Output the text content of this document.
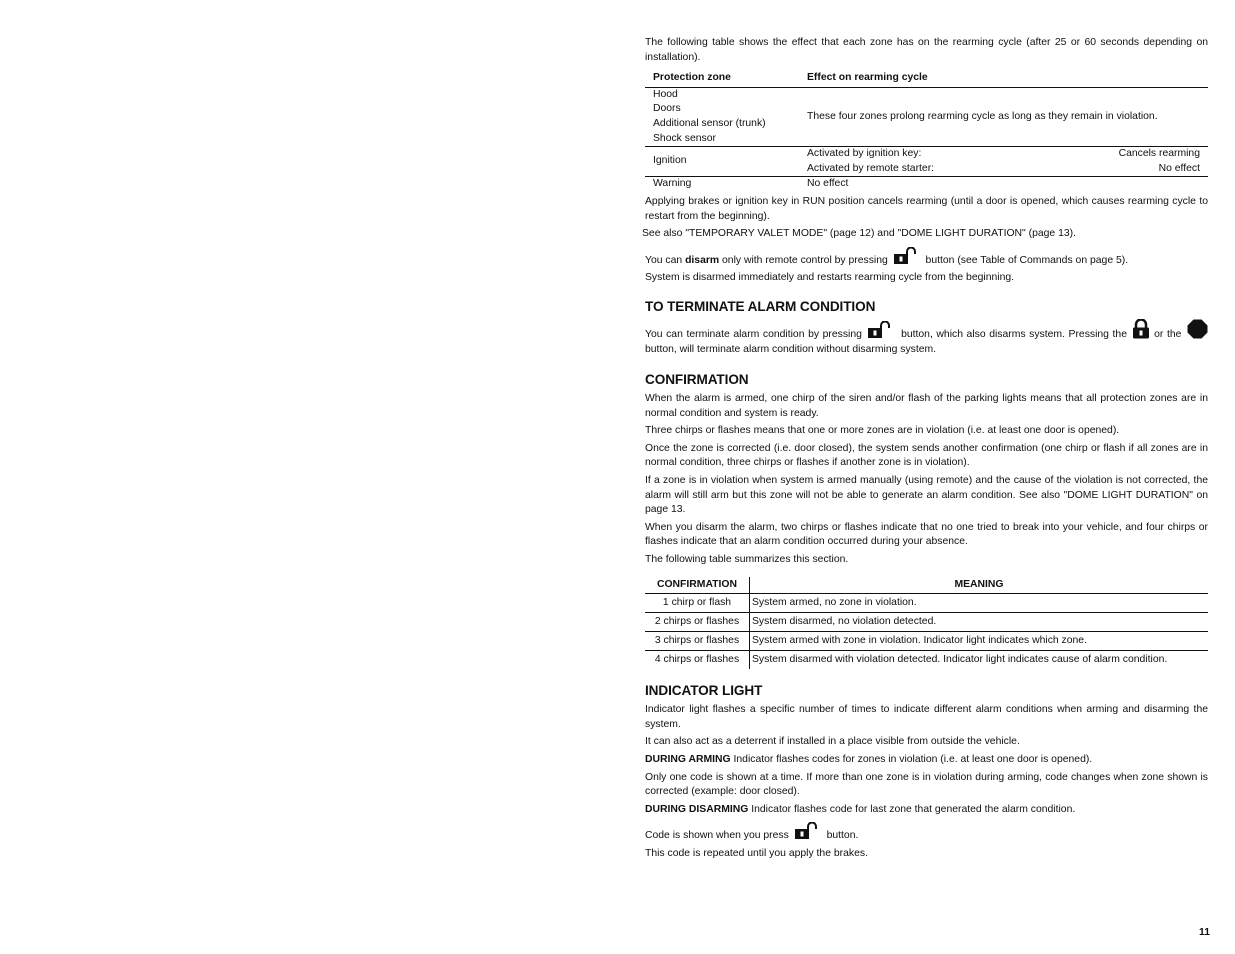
The following table shows the effect that each zone has on the rearming cycle (after 25 or 60 seconds depending on installation).

Protection zone	Effect on rearming cycle

Hood
Doors
Additional sensor (trunk)
Shock sensor	These four zones prolong rearming cycle as long as they remain in violation.
Ignition	Activated by ignition key: Cancels rearming
Activated by remote starter: No effect

Warning	No effect

Applying brakes or ignition key in RUN position cancels rearming (until a door is opened, which causes rearming cycle to restart from the beginning).

See also "TEMPORARY VALET MODE" (page 12) and "DOME LIGHT DURATION" (page 13).

You can disarm only with remote control by pressing	button (see Table of Commands on page 5).

System is disarmed immediately and restarts rearming cycle from the beginning.

TO TERMINATE ALARM CONDITION

You can terminate alarm condition by pressing	button, which also disarms system. Pressing the  or the  button, will terminate alarm condition without disarming system.

CONFIRMATION

When the alarm is armed, one chirp of the siren and/or flash of the parking lights means that all protection zones are in normal condition and system is ready.

Three chirps or flashes means that one or more zones are in violation (i.e. at least one door is opened).

Once the zone is corrected (i.e. door closed), the system sends another confirmation (one chirp or flash if all zones are in normal condition, three chirps or flashes if another zone is in violation).

If a zone is in violation when system is armed manually (using remote) and the cause of the violation is not corrected, the alarm will still arm but this zone will not be able to generate an alarm condition. See also "DOME LIGHT DURATION" on page 13.

When you disarm the alarm, two chirps or flashes indicate that no one tried to break into your vehicle, and four chirps or flashes indicate that an alarm condition occurred during your absence.

The following table summarizes this section.

CONFIRMATION	MEANING
1 chirp or flash	System armed, no zone in violation.
2 chirps or flashes	System disarmed, no violation detected.
3 chirps or flashes	System armed with zone in violation. Indicator light indicates which zone.
4 chirps or flashes	System disarmed with violation detected. Indicator light indicates cause of alarm condition.
INDICATOR LIGHT

Indicator light flashes a specific number of times to indicate different alarm conditions when arming and disarming the system.

It can also act as a deterrent if installed in a place visible from outside the vehicle.

DURING ARMING Indicator flashes codes for zones in violation (i.e. at least one door is opened).

Only one code is shown at a time. If more than one zone is in violation during arming, code changes when zone shown is corrected (example: door closed).

DURING DISARMING Indicator flashes code for last zone that generated the alarm condition.

Code is shown when you press	button.

This code is repeated until you apply the brakes.

11
